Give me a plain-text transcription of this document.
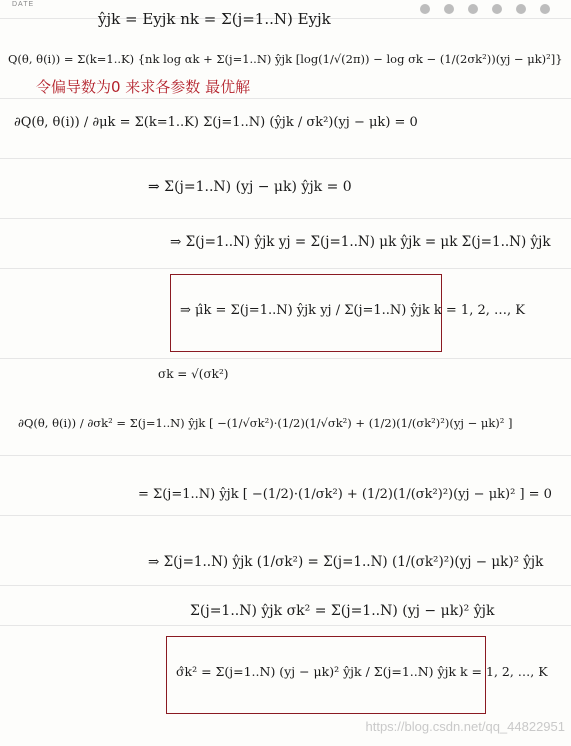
DATE
ŷjk = Eyjk nk = Σ(j=1..N) Eyjk
Q(θ, θ(i)) = Σ(k=1..K) {nk log αk + Σ(j=1..N) ŷjk [log(1/√(2π)) − log σk − (1/(2σk²))(yj − μk)²]}
令偏导数为0 来求各参数 最优解
∂Q(θ, θ(i)) / ∂μk = Σ(k=1..K) Σ(j=1..N) (ŷjk / σk²)(yj − μk) = 0
⇒ Σ(j=1..N) (yj − μk) ŷjk = 0
⇒ Σ(j=1..N) ŷjk yj = Σ(j=1..N) μk ŷjk = μk Σ(j=1..N) ŷjk
⇒ μ̂k = Σ(j=1..N) ŷjk yj / Σ(j=1..N) ŷjk k = 1, 2, …, K
σk = √(σk²)
∂Q(θ, θ(i)) / ∂σk² = Σ(j=1..N) ŷjk [ −(1/√σk²)·(1/2)(1/√σk²) + (1/2)(1/(σk²)²)(yj − μk)² ]
= Σ(j=1..N) ŷjk [ −(1/2)·(1/σk²) + (1/2)(1/(σk²)²)(yj − μk)² ] = 0
⇒ Σ(j=1..N) ŷjk (1/σk²) = Σ(j=1..N) (1/(σk²)²)(yj − μk)² ŷjk
Σ(j=1..N) ŷjk σk² = Σ(j=1..N) (yj − μk)² ŷjk
σ̂k² = Σ(j=1..N) (yj − μk)² ŷjk / Σ(j=1..N) ŷjk k = 1, 2, …, K
https://blog.csdn.net/qq_44822951
